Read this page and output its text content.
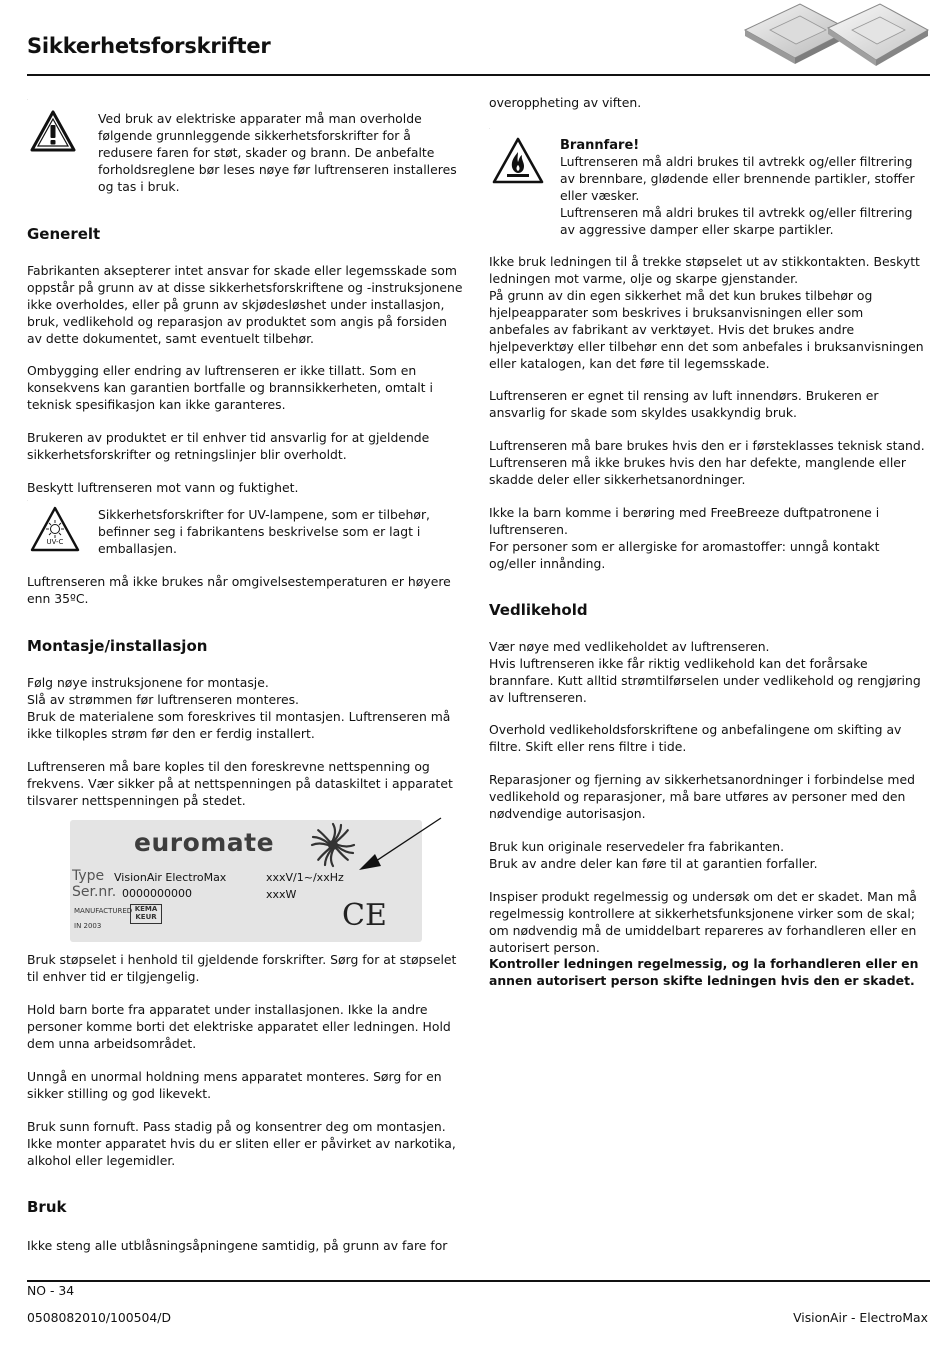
Sikkerhetsforskrifter
.

Ved bruk av elektriske apparater må man overholde følgende grunnleggende sikkerhetsforskrifter for å redusere faren for støt, skader og brann. De anbefalte forholdsreglene bør leses nøye før luftrenseren installeres og tas i bruk.

Generelt

Fabrikanten aksepterer intet ansvar for skade eller legemsskade som oppstår på grunn av at disse sikkerhetsforskriftene og -instruksjonene ikke overholdes, eller på grunn av skjødesløshet under installasjon, bruk, vedlikehold og reparasjon av produktet som angis på forsiden av dette dokumentet, samt eventuelt tilbehør.

Ombygging eller endring av luftrenseren er ikke tillatt. Som en konsekvens kan garantien bortfalle og brannsikkerheten, omtalt i teknisk spesifikasjon kan ikke garanteres.

Brukeren av produktet er til enhver tid ansvarlig for at gjeldende sikkerhetsforskrifter og retningslinjer blir overholdt.

Beskytt luftrenseren mot vann og fuktighet.

.
UV-C

Sikkerhetsforskrifter for UV-lampene, som er tilbehør, befinner seg i fabrikantens beskrivelse som er lagt i emballasjen.

Luftrenseren må ikke brukes når omgivelsestemperaturen er høyere enn 35ºC.

Montasje/installasjon

Følg nøye instruksjonene for montasje.
Slå av strømmen før luftrenseren monteres.
Bruk de materialene som foreskrives til montasjen. Luftrenseren må ikke tilkoples strøm før den er ferdig installert.

Luftrenseren må bare koples til den foreskrevne nettspenning og frekvens. Vær sikker på at nettspenningen på dataskiltet i apparatet tilsvarer nettspenningen på stedet.

euromate
Type VisionAir ElectroMax
Ser.nr. 0000000000
xxxV/1~/xxHz
xxxW
MANUFACTURED
IN 2003
KEMA KEUR	CE

Bruk støpselet i henhold til gjeldende forskrifter. Sørg for at støpselet til enhver tid er tilgjengelig.

Hold barn borte fra apparatet under installasjonen. Ikke la andre personer komme borti det elektriske apparatet eller ledningen. Hold dem unna arbeidsområdet.

Unngå en unormal holdning mens apparatet monteres. Sørg for en sikker stilling og god likevekt.

Bruk sunn fornuft. Pass stadig på og konsentrer deg om montasjen. Ikke monter apparatet hvis du er sliten eller er påvirket av narkotika, alkohol eller legemidler.

Bruk

Ikke steng alle utblåsningsåpningene samtidig, på grunn av fare for

overoppheting av viften.

.
Brannfare!

Luftrenseren må aldri brukes til avtrekk og/eller filtrering av brennbare, glødende eller brennende partikler, stoffer eller væsker.
Luftrenseren må aldri brukes til avtrekk og/eller filtrering av aggressive damper eller skarpe partikler.

Ikke bruk ledningen til å trekke støpselet ut av stikkontakten. Beskytt ledningen mot varme, olje og skarpe gjenstander.
På grunn av din egen sikkerhet må det kun brukes tilbehør og hjelpeapparater som beskrives i bruksanvisningen eller som anbefales av fabrikant av verktøyet. Hvis det brukes andre hjelpeverktøy eller tilbehør enn det som anbefales i bruksanvisningen eller katalogen, kan det føre til legemsskade.

Luftrenseren er egnet til rensing av luft innendørs. Brukeren er ansvarlig for skade som skyldes usakkyndig bruk.

Luftrenseren må bare brukes hvis den er i førsteklasses teknisk stand. Luftrenseren må ikke brukes hvis den har defekte, manglende eller skadde deler eller sikkerhetsanordninger.

Ikke la barn komme i berøring med FreeBreeze duftpatronene i luftrenseren.
For personer som er allergiske for aromastoffer: unngå kontakt og/eller innånding.

Vedlikehold

Vær nøye med vedlikeholdet av luftrenseren.
Hvis luftrenseren ikke får riktig vedlikehold kan det forårsake brannfare. Kutt alltid strømtilførselen under vedlikehold og rengjøring av luftrenseren.

Overhold vedlikeholdsforskriftene og anbefalingene om skifting av filtre. Skift eller rens filtre i tide.

Reparasjoner og fjerning av sikkerhetsanordninger i forbindelse med vedlikehold og reparasjoner, må bare utføres av personer med den nødvendige autorisasjon.

Bruk kun originale reservedeler fra fabrikanten.
Bruk av andre deler kan føre til at garantien forfaller.

Inspiser produkt regelmessig og undersøk om det er skadet. Man må regelmessig kontrollere at sikkerhetsfunksjonene virker som de skal; om nødvendig må de umiddelbart repareres av forhandleren eller en autorisert person.

Kontroller ledningen regelmessig, og la forhandleren eller en annen autorisert person skifte ledningen hvis den er skadet.

NO - 34
0508082010/100504/D	VisionAir - ElectroMax
